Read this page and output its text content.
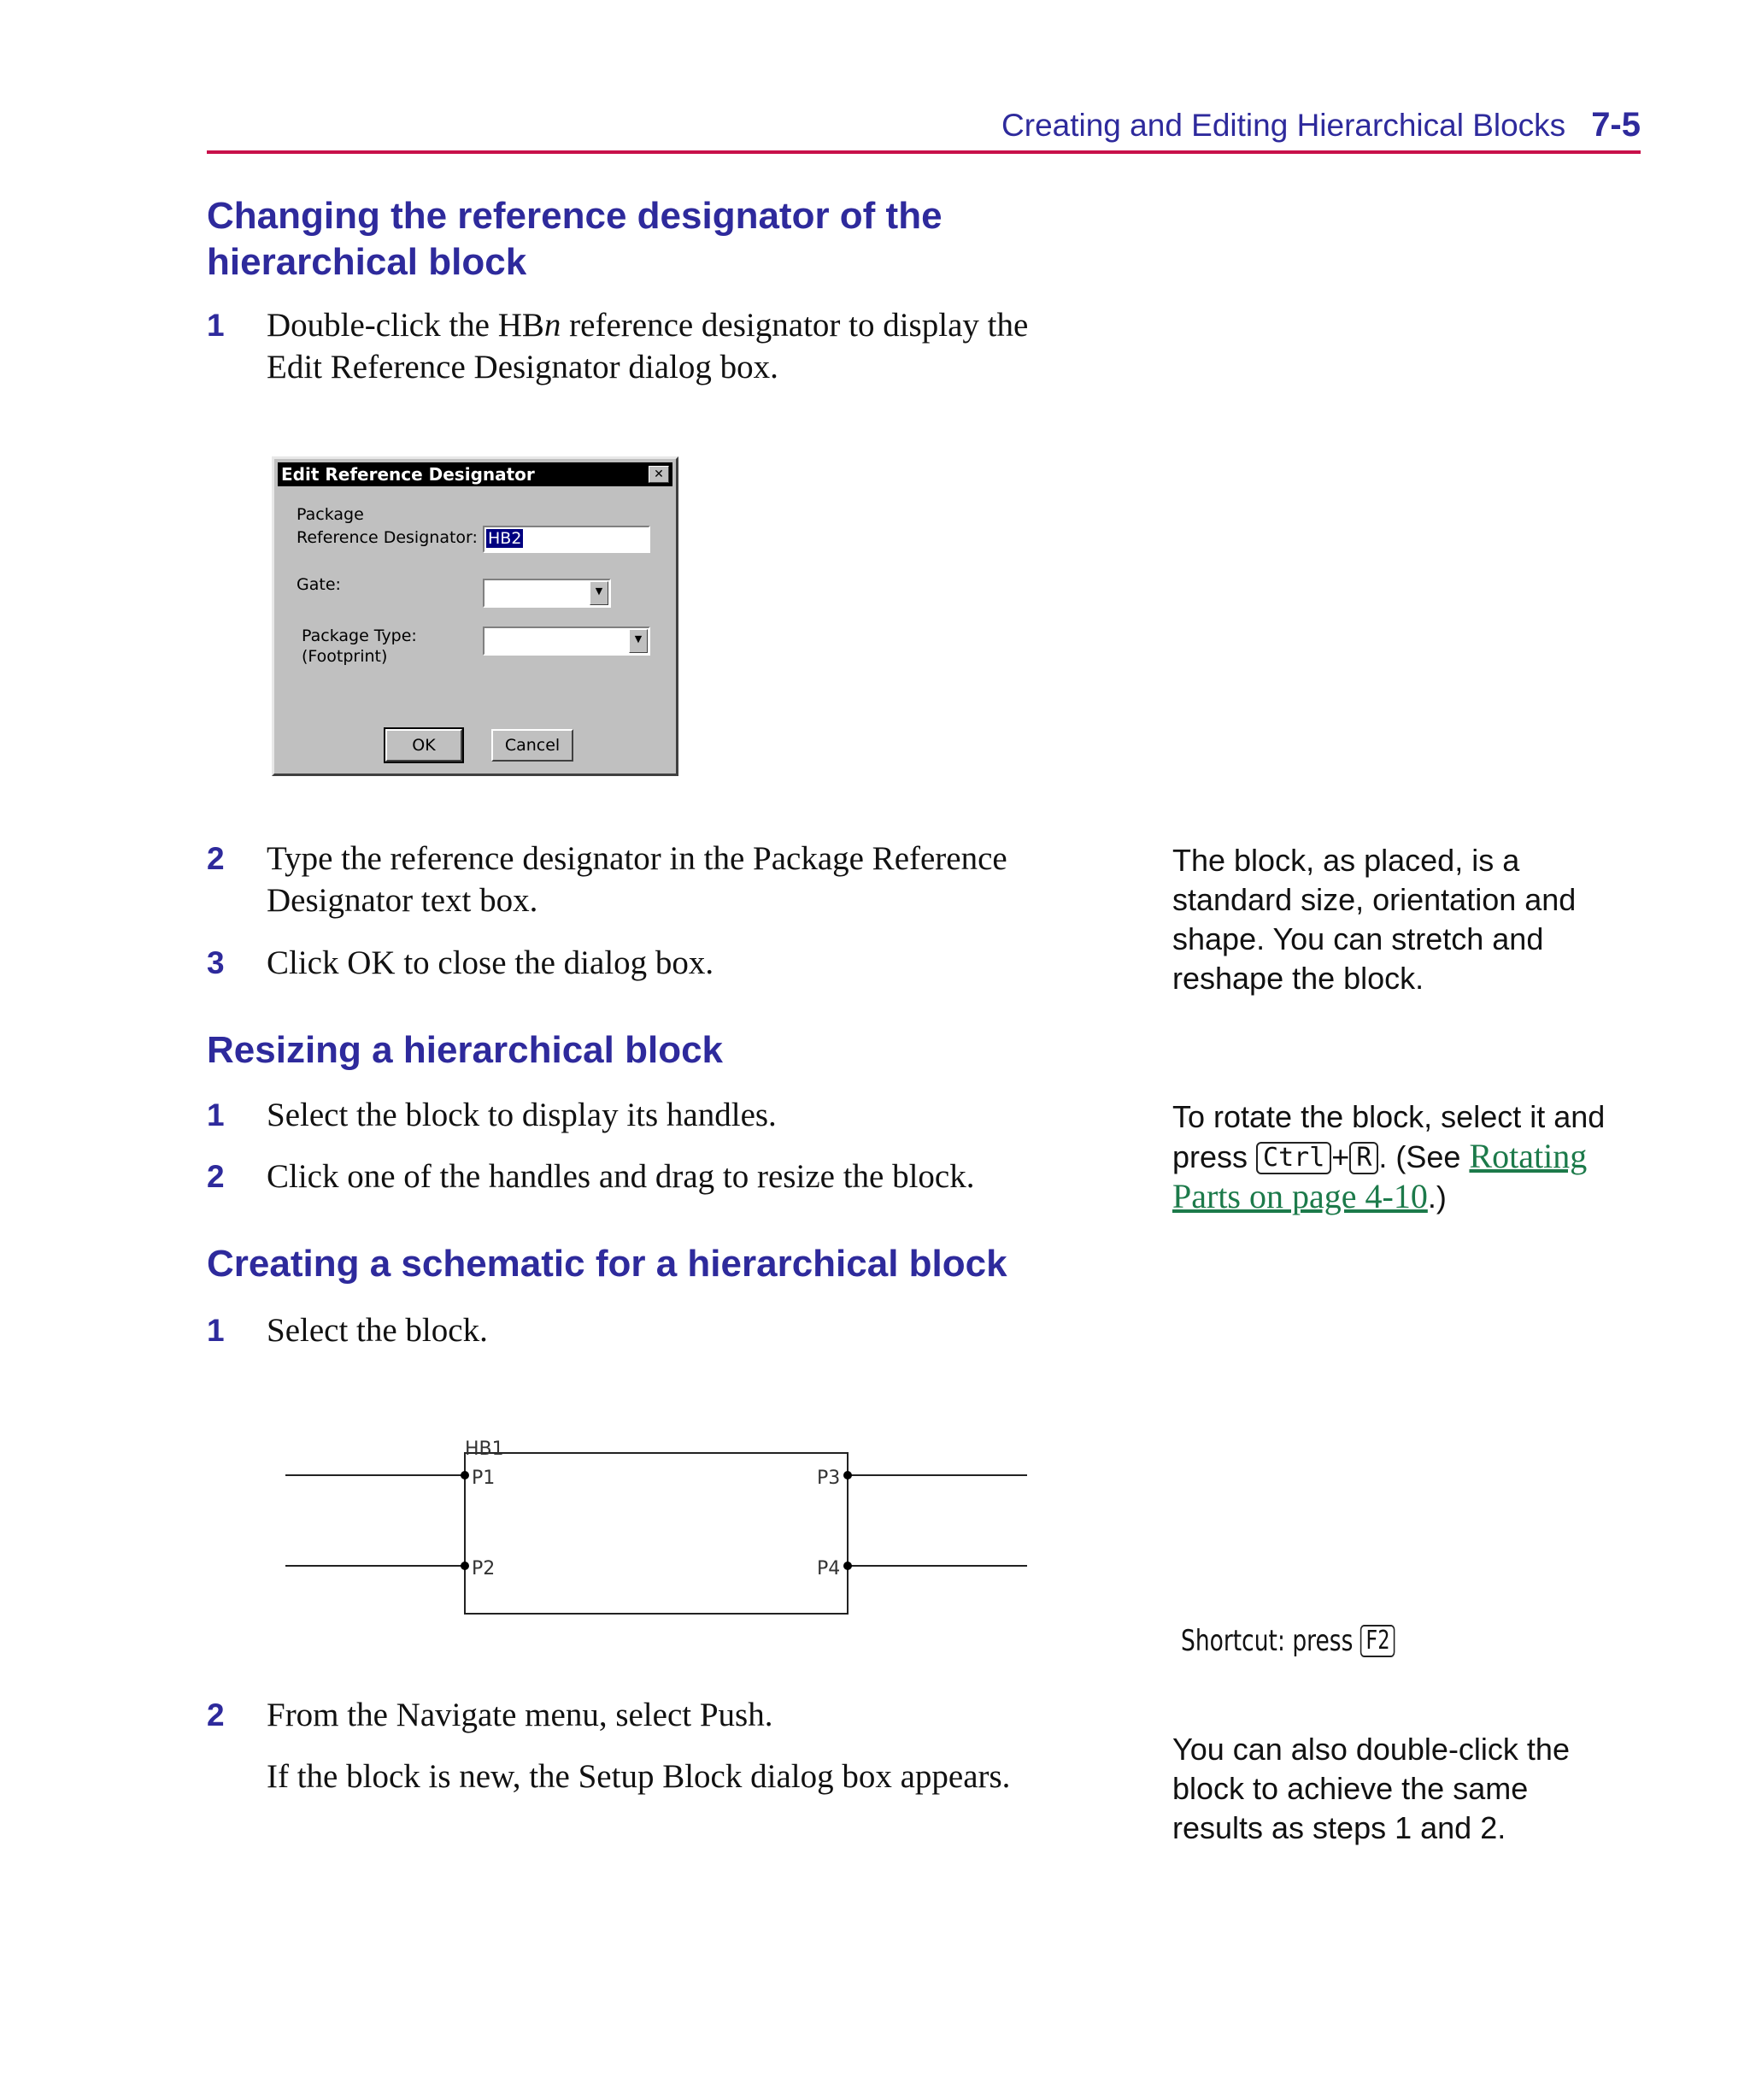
Creating and Editing Hierarchical Blocks 7-5
Changing the reference designator of the
hierarchical block
1 Double-click the HBn reference designator to display the
Edit Reference Designator dialog box.
Edit Reference Designator	✕
Package
Reference Designator: HB2
Gate:	▼
Package Type:
(Footprint)
▼
OK	Cancel
2 Type the reference designator in the Package Reference
Designator text box.
3 Click OK to close the dialog box.
The block, as placed, is a
standard size, orientation and
shape. You can stretch and
reshape the block.
Resizing a hierarchical block
1 Select the block to display its handles.
2 Click one of the handles and drag to resize the block.
To rotate the block, select it and
press Ctrl + R . (See Rotating
Parts on page 4-10.)
Creating a schematic for a hierarchical block
1 Select the block.
HB1
P1
P2
P3
P4
Shortcut: press F2
2 From the Navigate menu, select Push.
If the block is new, the Setup Block dialog box appears.
You can also double-click the
block to achieve the same
results as steps 1 and 2.
